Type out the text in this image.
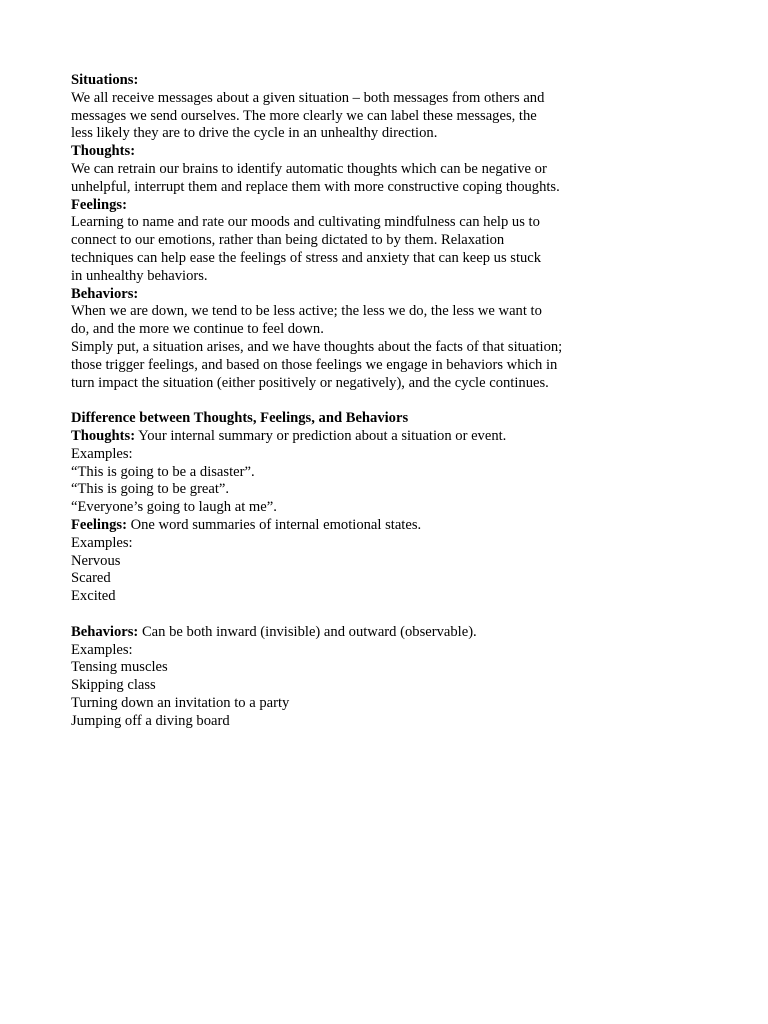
Situations:
We all receive messages about a given situation – both messages from others and
messages we send ourselves. The more clearly we can label these messages, the
less likely they are to drive the cycle in an unhealthy direction.
Thoughts:
We can retrain our brains to identify automatic thoughts which can be negative or
unhelpful, interrupt them and replace them with more constructive coping thoughts.
Feelings:
Learning to name and rate our moods and cultivating mindfulness can help us to
connect to our emotions, rather than being dictated to by them. Relaxation
techniques can help ease the feelings of stress and anxiety that can keep us stuck
in unhealthy behaviors.
Behaviors:
When we are down, we tend to be less active; the less we do, the less we want to
do, and the more we continue to feel down.
Simply put, a situation arises, and we have thoughts about the facts of that situation;
those trigger feelings, and based on those feelings we engage in behaviors which in
turn impact the situation (either positively or negatively), and the cycle continues.
Difference between Thoughts, Feelings, and Behaviors
Thoughts: Your internal summary or prediction about a situation or event.
Examples:
“This is going to be a disaster”.
“This is going to be great”.
“Everyone’s going to laugh at me”.
Feelings: One word summaries of internal emotional states.
Examples:
Nervous
Scared
Excited
Behaviors: Can be both inward (invisible) and outward (observable).
Examples:
Tensing muscles
Skipping class
Turning down an invitation to a party
Jumping off a diving board
